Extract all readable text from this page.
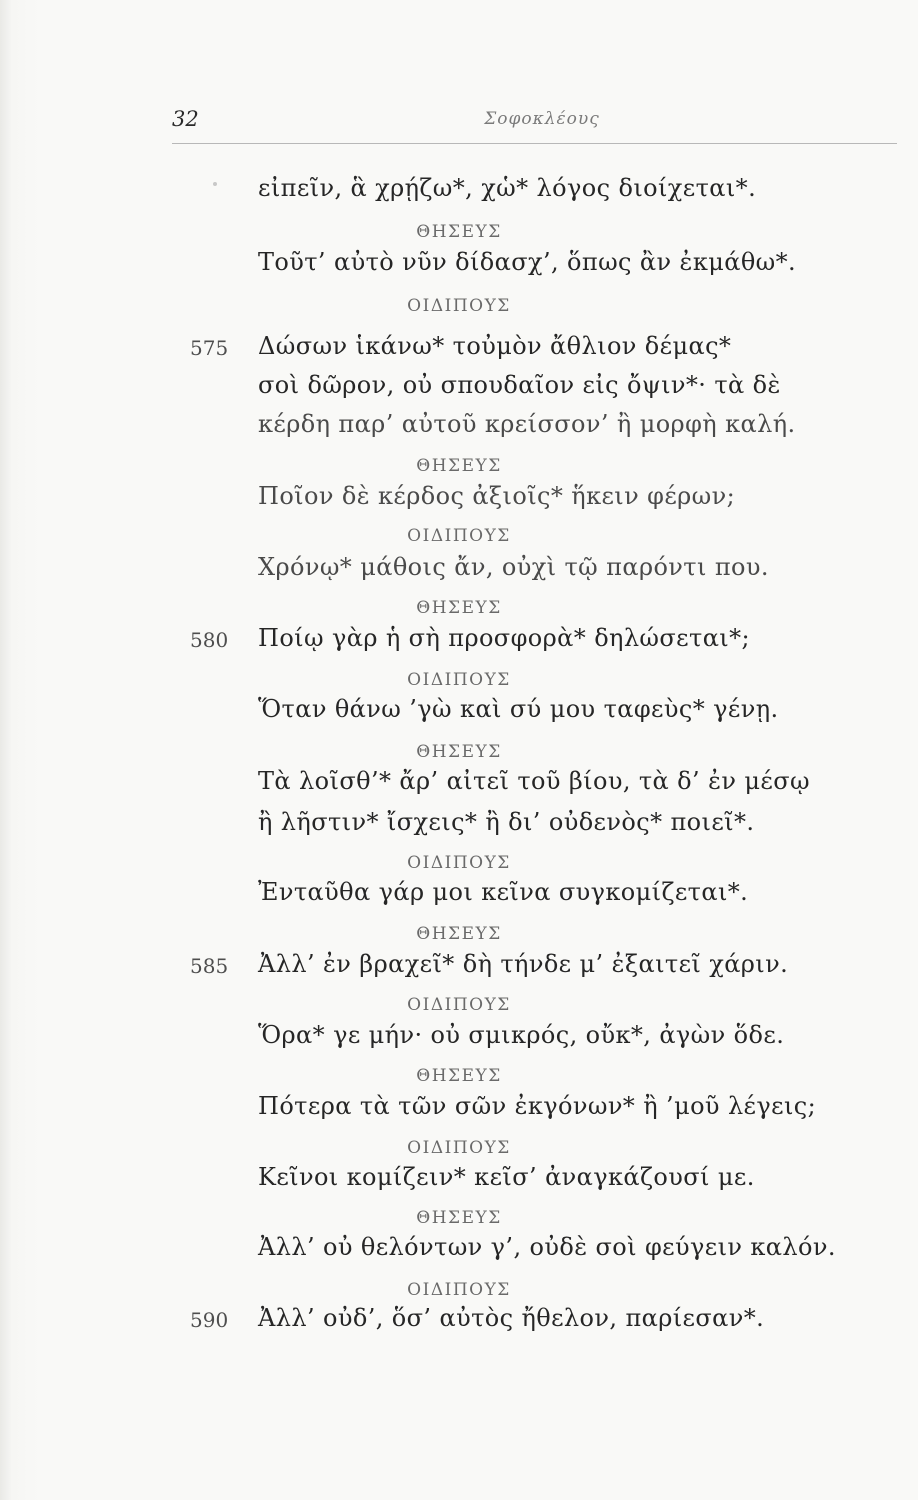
32	Σοφοκλέους
εἰπεῖν, ἃ χρῄζω*, χὡ* λόγος διοίχεται*.
ΘΗΣΕΥΣ
Τοῦτ’ αὐτὸ νῦν δίδασχ’, ὅπως ἂν ἐκμάθω*.
ΟΙΔΙΠΟΥΣ
575 Δώσων ἱκάνω* τοὐμὸν ἄθλιον δέμας*
σοὶ δῶρον, οὐ σπουδαῖον εἰς ὄψιν*· τὰ δὲ
κέρδη παρ’ αὐτοῦ κρείσσον’ ἢ μορφὴ καλή.
ΘΗΣΕΥΣ
Ποῖον δὲ κέρδος ἀξιοῖς* ἥκειν φέρων;
ΟΙΔΙΠΟΥΣ
Χρόνῳ* μάθοις ἄν, οὐχὶ τῷ παρόντι που.
ΘΗΣΕΥΣ
580 Ποίῳ γὰρ ἡ σὴ προσφορὰ* δηλώσεται*;
ΟΙΔΙΠΟΥΣ
Ὅταν θάνω ’γὼ καὶ σύ μου ταφεὺς* γένῃ.
ΘΗΣΕΥΣ
Τὰ λοῖσθ’* ἄρ’ αἰτεῖ τοῦ βίου, τὰ δ’ ἐν μέσῳ
ἢ λῆστιν* ἴσχεις* ἢ δι’ οὐδενὸς* ποιεῖ*.
ΟΙΔΙΠΟΥΣ
Ἐνταῦθα γάρ μοι κεῖνα συγκομίζεται*.
ΘΗΣΕΥΣ
585 Ἀλλ’ ἐν βραχεῖ* δὴ τήνδε μ’ ἐξαιτεῖ χάριν.
ΟΙΔΙΠΟΥΣ
Ὅρα* γε μήν· οὐ σμικρός, οὔκ*, ἀγὼν ὅδε.
ΘΗΣΕΥΣ
Πότερα τὰ τῶν σῶν ἐκγόνων* ἢ ’μοῦ λέγεις;
ΟΙΔΙΠΟΥΣ
Κεῖνοι κομίζειν* κεῖσ’ ἀναγκάζουσί με.
ΘΗΣΕΥΣ
Ἀλλ’ οὐ θελόντων γ’, οὐδὲ σοὶ φεύγειν καλόν.
ΟΙΔΙΠΟΥΣ
590 Ἀλλ’ οὐδ’, ὅσ’ αὐτὸς ἤθελον, παρίεσαν*.
